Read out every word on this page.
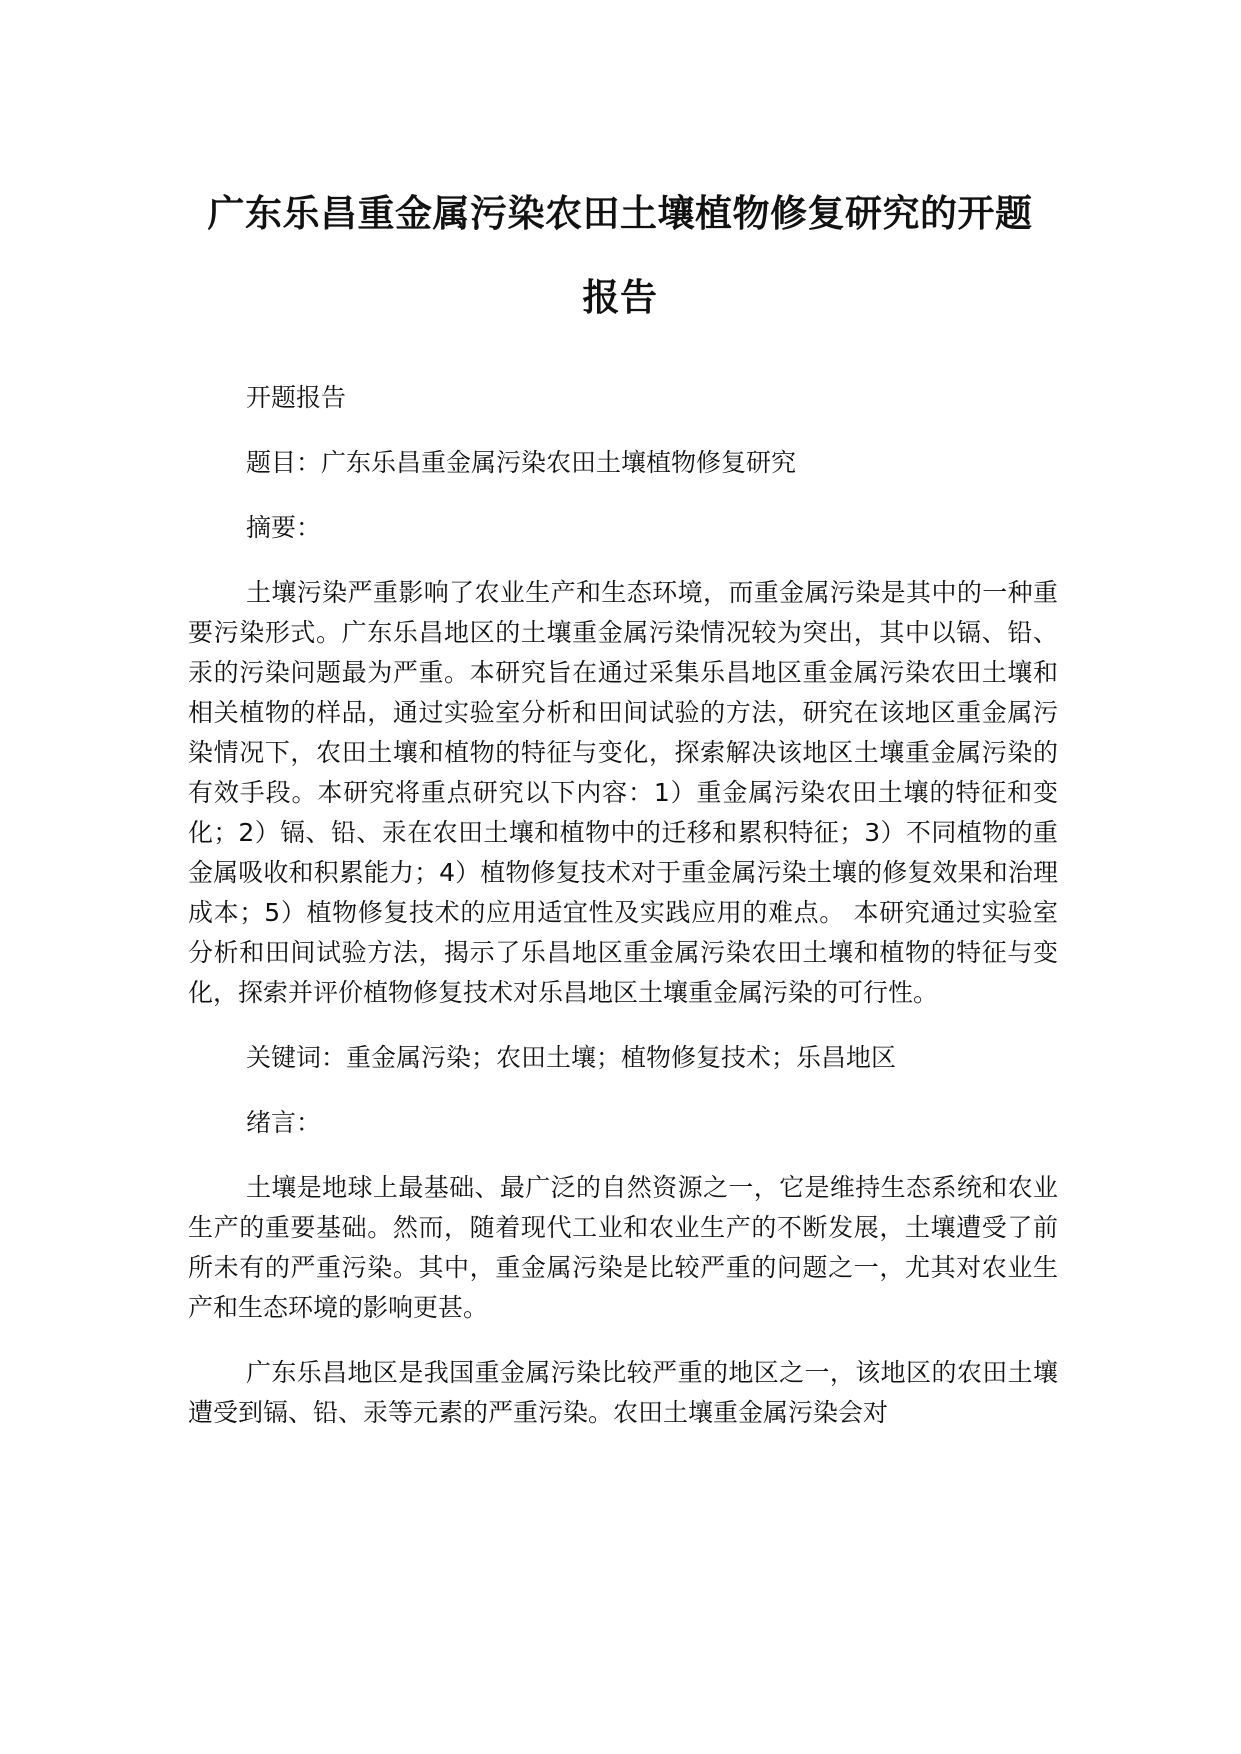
广东乐昌重金属污染农田土壤植物修复研究的开题报告

开题报告

题目：广东乐昌重金属污染农田土壤植物修复研究

摘要：

土壤污染严重影响了农业生产和生态环境，而重金属污染是其中的一种重要污染形式。广东乐昌地区的土壤重金属污染情况较为突出，其中以镉、铅、汞的污染问题最为严重。本研究旨在通过采集乐昌地区重金属污染农田土壤和相关植物的样品，通过实验室分析和田间试验的方法，研究在该地区重金属污染情况下，农田土壤和植物的特征与变化，探索解决该地区土壤重金属污染的有效手段。本研究将重点研究以下内容：1）重金属污染农田土壤的特征和变化；2）镉、铅、汞在农田土壤和植物中的迁移和累积特征；3）不同植物的重金属吸收和积累能力；4）植物修复技术对于重金属污染土壤的修复效果和治理成本；5）植物修复技术的应用适宜性及实践应用的难点。 本研究通过实验室分析和田间试验方法，揭示了乐昌地区重金属污染农田土壤和植物的特征与变化，探索并评价植物修复技术对乐昌地区土壤重金属污染的可行性。

关键词：重金属污染；农田土壤；植物修复技术；乐昌地区

绪言：

土壤是地球上最基础、最广泛的自然资源之一，它是维持生态系统和农业生产的重要基础。然而，随着现代工业和农业生产的不断发展，土壤遭受了前所未有的严重污染。其中，重金属污染是比较严重的问题之一，尤其对农业生产和生态环境的影响更甚。

广东乐昌地区是我国重金属污染比较严重的地区之一，该地区的农田土壤遭受到镉、铅、汞等元素的严重污染。农田土壤重金属污染会对
